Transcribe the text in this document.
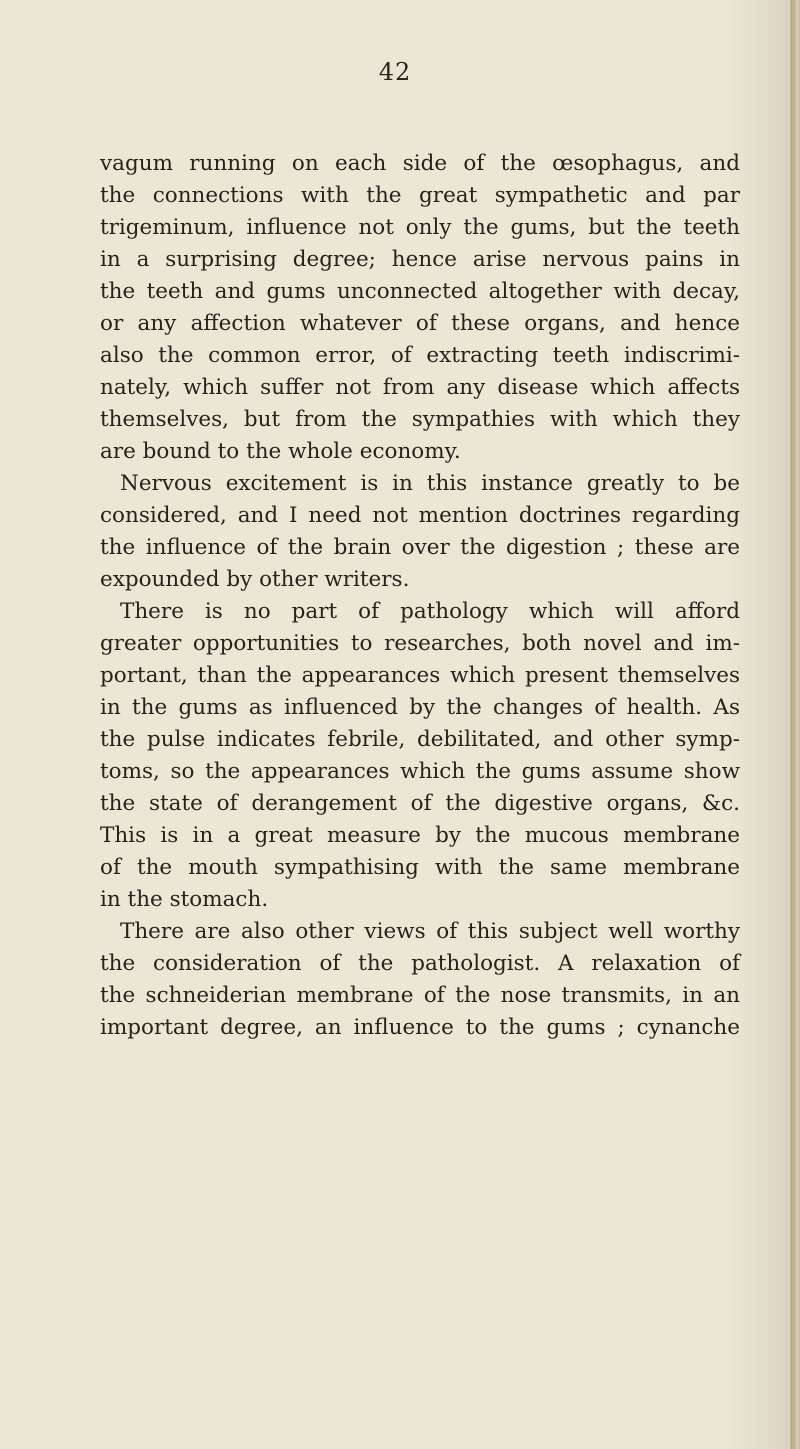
42
vagum running on each side of the œsophagus, and
the connections with the great sympathetic and par
trigeminum, influence not only the gums, but the teeth
in a surprising degree; hence arise nervous pains in
the teeth and gums unconnected altogether with decay,
or any affection whatever of these organs, and hence
also the common error, of extracting teeth indiscrimi-
nately, which suffer not from any disease which affects
themselves, but from the sympathies with which they
are bound to the whole economy.
Nervous excitement is in this instance greatly to be
considered, and I need not mention doctrines regarding
the influence of the brain over the digestion ; these are
expounded by other writers.
There is no part of pathology which will afford
greater opportunities to researches, both novel and im-
portant, than the appearances which present themselves
in the gums as influenced by the changes of health. As
the pulse indicates febrile, debilitated, and other symp-
toms, so the appearances which the gums assume show
the state of derangement of the digestive organs, &c.
This is in a great measure by the mucous membrane
of the mouth sympathising with the same membrane
in the stomach.
There are also other views of this subject well worthy
the consideration of the pathologist. A relaxation of
the schneiderian membrane of the nose transmits, in an
important degree, an influence to the gums ; cynanche
